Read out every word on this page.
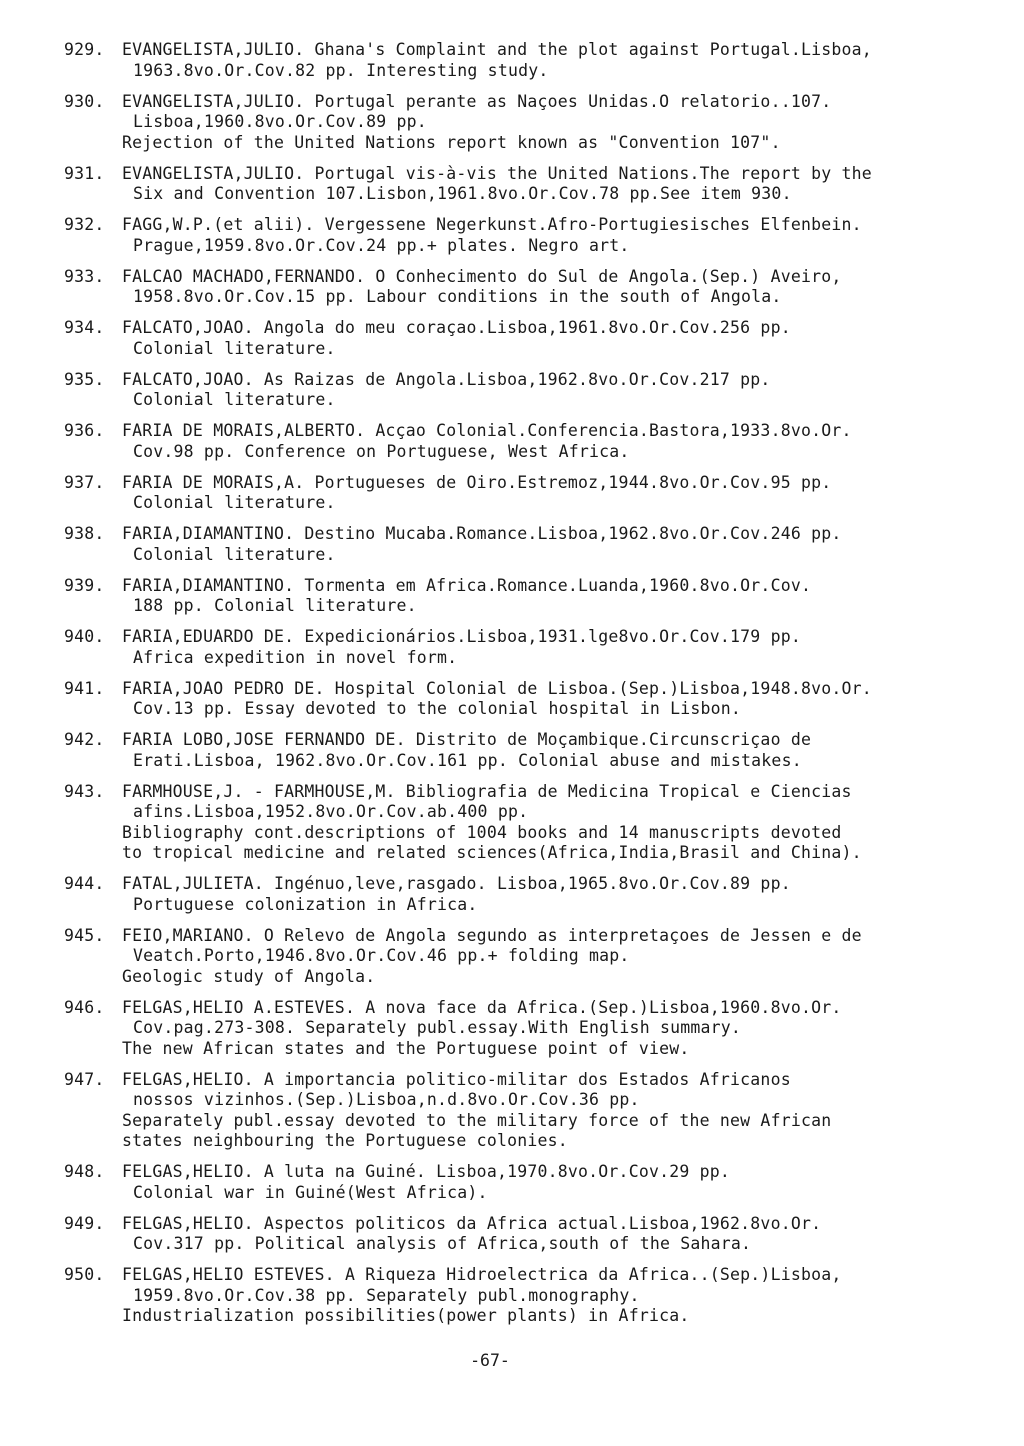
929.	EVANGELISTA,JULIO. Ghana's Complaint and the plot against Portugal.Lisboa,
1963.8vo.Or.Cov.82 pp. Interesting study.
930.	EVANGELISTA,JULIO. Portugal perante as Naçoes Unidas.O relatorio..107.
Lisboa,1960.8vo.Or.Cov.89 pp.
Rejection of the United Nations report known as "Convention 107".
931.	EVANGELISTA,JULIO. Portugal vis-à-vis the United Nations.The report by the
Six and Convention 107.Lisbon,1961.8vo.Or.Cov.78 pp.See item 930.
932.	FAGG,W.P.(et alii). Vergessene Negerkunst.Afro-Portugiesisches Elfenbein.
Prague,1959.8vo.Or.Cov.24 pp.+ plates. Negro art.
933.	FALCAO MACHADO,FERNANDO. O Conhecimento do Sul de Angola.(Sep.) Aveiro,
1958.8vo.Or.Cov.15 pp. Labour conditions in the south of Angola.
934.	FALCATO,JOAO. Angola do meu coraçao.Lisboa,1961.8vo.Or.Cov.256 pp.
Colonial literature.
935.	FALCATO,JOAO. As Raizas de Angola.Lisboa,1962.8vo.Or.Cov.217 pp.
Colonial literature.
936.	FARIA DE MORAIS,ALBERTO. Acçao Colonial.Conferencia.Bastora,1933.8vo.Or.
Cov.98 pp. Conference on Portuguese, West Africa.
937.	FARIA DE MORAIS,A. Portugueses de Oiro.Estremoz,1944.8vo.Or.Cov.95 pp.
Colonial literature.
938.	FARIA,DIAMANTINO. Destino Mucaba.Romance.Lisboa,1962.8vo.Or.Cov.246 pp.
Colonial literature.
939.	FARIA,DIAMANTINO. Tormenta em Africa.Romance.Luanda,1960.8vo.Or.Cov.
188 pp. Colonial literature.
940.	FARIA,EDUARDO DE. Expedicionários.Lisboa,1931.lge8vo.Or.Cov.179 pp.
Africa expedition in novel form.
941.	FARIA,JOAO PEDRO DE. Hospital Colonial de Lisboa.(Sep.)Lisboa,1948.8vo.Or.
Cov.13 pp. Essay devoted to the colonial hospital in Lisbon.
942.	FARIA LOBO,JOSE FERNANDO DE. Distrito de Moçambique.Circunscriçao de
Erati.Lisboa, 1962.8vo.Or.Cov.161 pp. Colonial abuse and mistakes.
943.	FARMHOUSE,J. - FARMHOUSE,M. Bibliografia de Medicina Tropical e Ciencias
afins.Lisboa,1952.8vo.Or.Cov.ab.400 pp.
Bibliography cont.descriptions of 1004 books and 14 manuscripts devoted
to tropical medicine and related sciences(Africa,India,Brasil and China).
944.	FATAL,JULIETA. Ingénuo,leve,rasgado. Lisboa,1965.8vo.Or.Cov.89 pp.
Portuguese colonization in Africa.
945.	FEIO,MARIANO. O Relevo de Angola segundo as interpretaçoes de Jessen e de
Veatch.Porto,1946.8vo.Or.Cov.46 pp.+ folding map.
Geologic study of Angola.
946.	FELGAS,HELIO A.ESTEVES. A nova face da Africa.(Sep.)Lisboa,1960.8vo.Or.
Cov.pag.273-308. Separately publ.essay.With English summary.
The new African states and the Portuguese point of view.
947.	FELGAS,HELIO. A importancia politico-militar dos Estados Africanos
nossos vizinhos.(Sep.)Lisboa,n.d.8vo.Or.Cov.36 pp.
Separately publ.essay devoted to the military force of the new African
states neighbouring the Portuguese colonies.
948.	FELGAS,HELIO. A luta na Guiné. Lisboa,1970.8vo.Or.Cov.29 pp.
Colonial war in Guiné(West Africa).
949.	FELGAS,HELIO. Aspectos politicos da Africa actual.Lisboa,1962.8vo.Or.
Cov.317 pp. Political analysis of Africa,south of the Sahara.
950.	FELGAS,HELIO ESTEVES. A Riqueza Hidroelectrica da Africa..(Sep.)Lisboa,
1959.8vo.Or.Cov.38 pp. Separately publ.monography.
Industrialization possibilities(power plants) in Africa.
-67-
